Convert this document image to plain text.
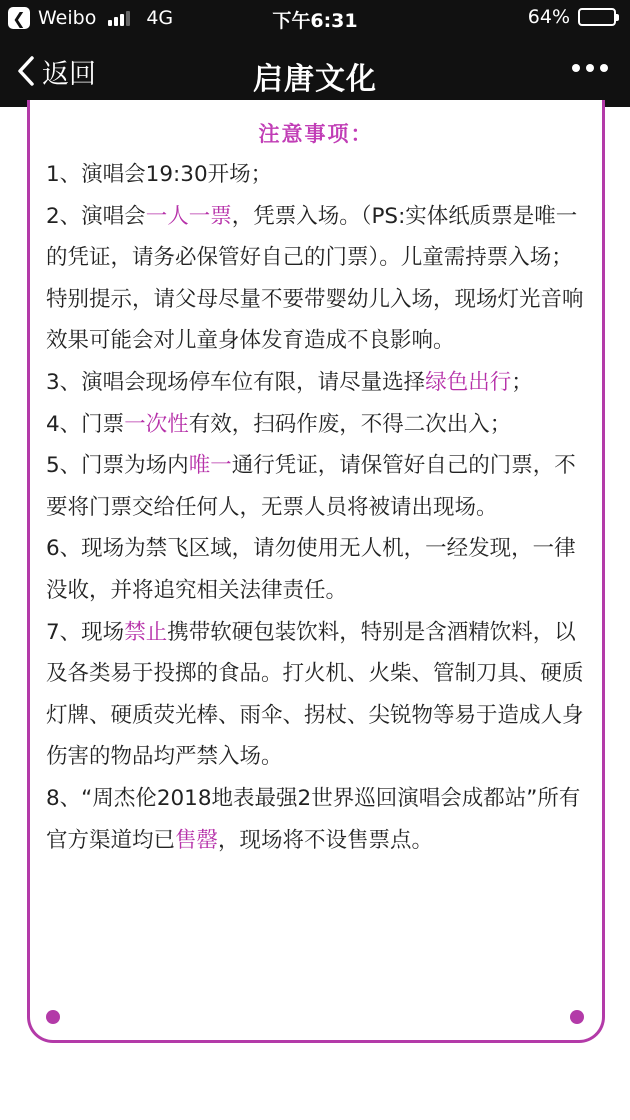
❮ Weibo	4G	下午6:31	64%
返回	启唐文化
注意事项：
1、演唱会19:30开场；
2、演唱会一人一票，凭票入场。（PS:实体纸质票是唯一的凭证，请务必保管好自己的门票）。儿童需持票入场；特别提示，请父母尽量不要带婴幼儿入场，现场灯光音响效果可能会对儿童身体发育造成不良影响。
3、演唱会现场停车位有限，请尽量选择绿色出行；
4、门票一次性有效，扫码作废，不得二次出入；
5、门票为场内唯一通行凭证，请保管好自己的门票，不要将门票交给任何人，无票人员将被请出现场。
6、现场为禁飞区域，请勿使用无人机，一经发现，一律没收，并将追究相关法律责任。
7、现场禁止携带软硬包装饮料，特别是含酒精饮料，以及各类易于投掷的食品。打火机、火柴、管制刀具、硬质灯牌、硬质荧光棒、雨伞、拐杖、尖锐物等易于造成人身伤害的物品均严禁入场。
8、“周杰伦2018地表最强2世界巡回演唱会成都站”所有官方渠道均已售罄，现场将不设售票点。
